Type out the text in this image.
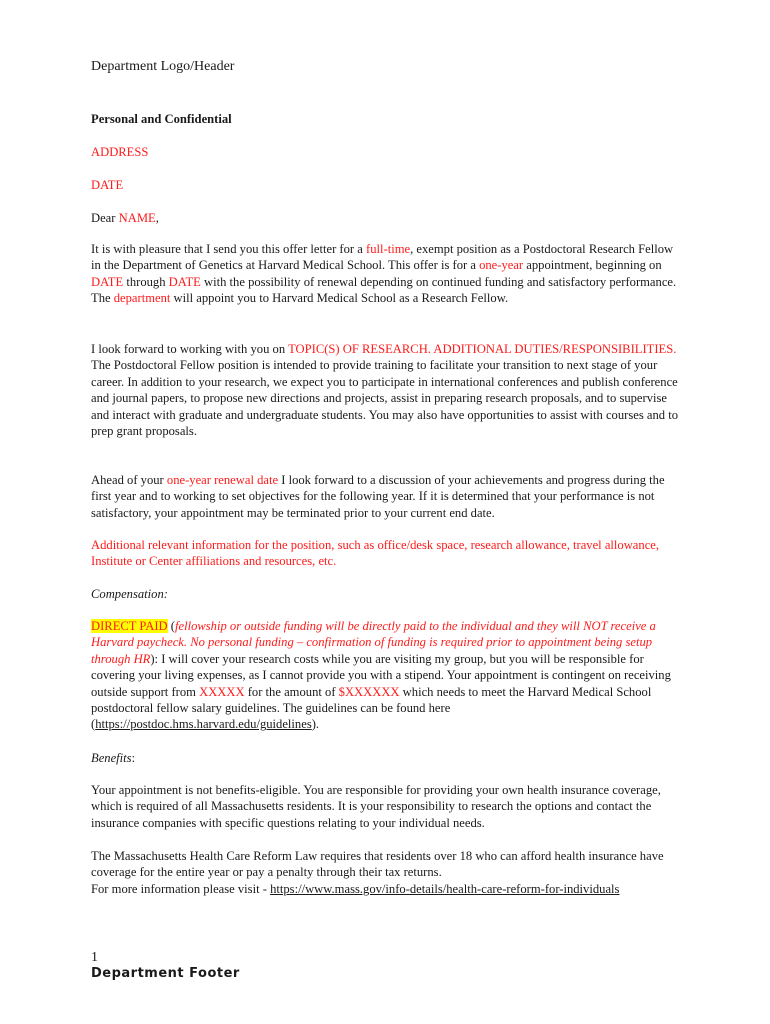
Department Logo/Header

Personal and Confidential

ADDRESS

DATE

Dear NAME,

It is with pleasure that I send you this offer letter for a full-time, exempt position as a Postdoctoral Research Fellow in the Department of Genetics at Harvard Medical School. This offer is for a one-year appointment, beginning on DATE through DATE with the possibility of renewal depending on continued funding and satisfactory performance. The department will appoint you to Harvard Medical School as a Research Fellow.

I look forward to working with you on TOPIC(S) OF RESEARCH. ADDITIONAL DUTIES/RESPONSIBILITIES. The Postdoctoral Fellow position is intended to provide training to facilitate your transition to next stage of your career. In addition to your research, we expect you to participate in international conferences and publish conference and journal papers, to propose new directions and projects, assist in preparing research proposals, and to supervise and interact with graduate and undergraduate students. You may also have opportunities to assist with courses and to prep grant proposals.

Ahead of your one-year renewal date I look forward to a discussion of your achievements and progress during the first year and to working to set objectives for the following year. If it is determined that your performance is not satisfactory, your appointment may be terminated prior to your current end date.

Additional relevant information for the position, such as office/desk space, research allowance, travel allowance, Institute or Center affiliations and resources, etc.

Compensation:

DIRECT PAID (fellowship or outside funding will be directly paid to the individual and they will NOT receive a Harvard paycheck. No personal funding – confirmation of funding is required prior to appointment being setup through HR): I will cover your research costs while you are visiting my group, but you will be responsible for covering your living expenses, as I cannot provide you with a stipend. Your appointment is contingent on receiving outside support from XXXXX for the amount of $XXXXXX which needs to meet the Harvard Medical School postdoctoral fellow salary guidelines. The guidelines can be found here (https://postdoc.hms.harvard.edu/guidelines).

Benefits:

Your appointment is not benefits-eligible. You are responsible for providing your own health insurance coverage, which is required of all Massachusetts residents. It is your responsibility to research the options and contact the insurance companies with specific questions relating to your individual needs.

The Massachusetts Health Care Reform Law requires that residents over 18 who can afford health insurance have coverage for the entire year or pay a penalty through their tax returns.
For more information please visit - https://www.mass.gov/info-details/health-care-reform-for-individuals

1

Department Footer
